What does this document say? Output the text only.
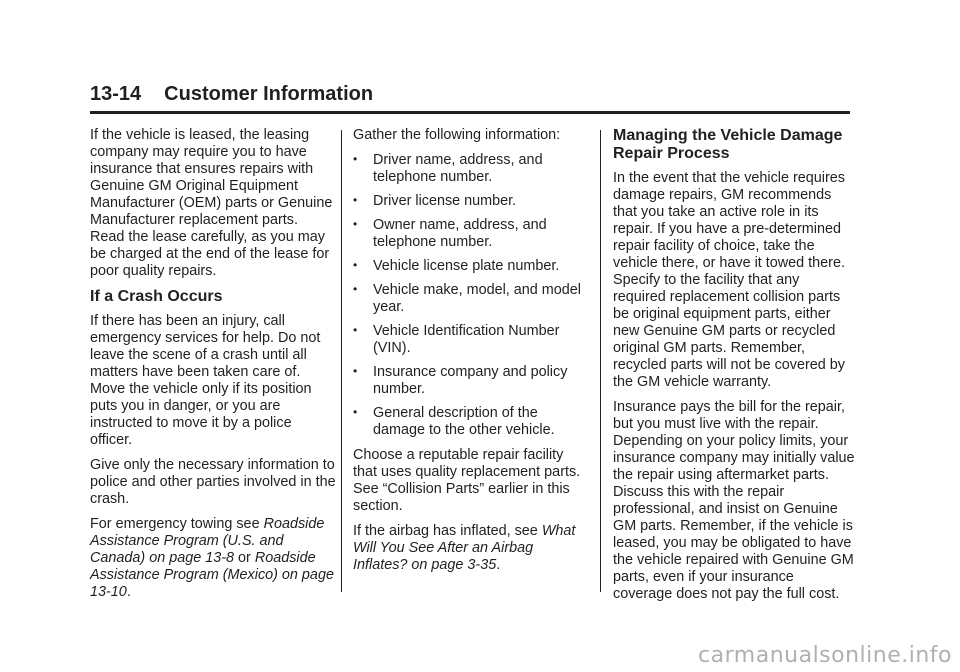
13-14 Customer Information

If the vehicle is leased, the leasing company may require you to have insurance that ensures repairs with Genuine GM Original Equipment Manufacturer (OEM) parts or Genuine Manufacturer replacement parts. Read the lease carefully, as you may be charged at the end of the lease for poor quality repairs.

If a Crash Occurs

If there has been an injury, call emergency services for help. Do not leave the scene of a crash until all matters have been taken care of. Move the vehicle only if its position puts you in danger, or you are instructed to move it by a police officer.

Give only the necessary information to police and other parties involved in the crash.

For emergency towing see Roadside Assistance Program (U.S. and Canada) on page 13-8 or Roadside Assistance Program (Mexico) on page 13-10.

Gather the following information:

• Driver name, address, and telephone number.
• Driver license number.
• Owner name, address, and telephone number.
• Vehicle license plate number.
• Vehicle make, model, and model year.
• Vehicle Identification Number (VIN).
• Insurance company and policy number.
• General description of the damage to the other vehicle.

Choose a reputable repair facility that uses quality replacement parts. See “Collision Parts” earlier in this section.

If the airbag has inflated, see What Will You See After an Airbag Inflates? on page 3-35.

Managing the Vehicle Damage Repair Process

In the event that the vehicle requires damage repairs, GM recommends that you take an active role in its repair. If you have a pre-determined repair facility of choice, take the vehicle there, or have it towed there. Specify to the facility that any required replacement collision parts be original equipment parts, either new Genuine GM parts or recycled original GM parts. Remember, recycled parts will not be covered by the GM vehicle warranty.

Insurance pays the bill for the repair, but you must live with the repair. Depending on your policy limits, your insurance company may initially value the repair using aftermarket parts. Discuss this with the repair professional, and insist on Genuine GM parts. Remember, if the vehicle is leased, you may be obligated to have the vehicle repaired with Genuine GM parts, even if your insurance coverage does not pay the full cost.

carmanualsonline.info
